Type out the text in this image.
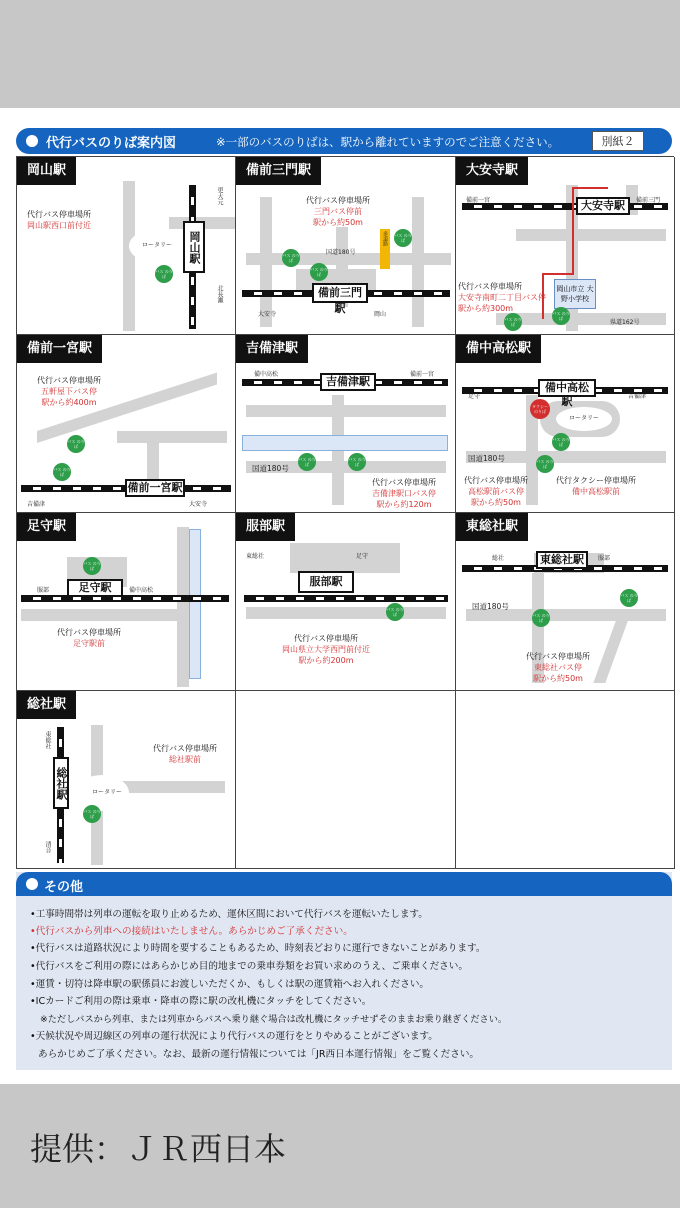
代行バスのりば案内図	※一部のバスのりばは、駅から離れていますのでご注意ください。	別紙２
岡山駅
ロータリー	岡山駅
バス のりば
代行バス停車場所
岡山駅西口前付近
更大元
北長瀬
備前三門駅
備前三門駅
多道路
バス のりば
バス のりば
バス のりば
代行バス停車場所
三門バス停前
駅から約50m
国道180号
大安寺	岡山
大安寺駅
大安寺駅
岡山市立 大野小学校
バス のりば
バス のりば
代行バス停車場所
大安寺南町二丁目バス停
駅から約300m
備前一宮	備前三門
県道162号
備前一宮駅
備前一宮駅
バス のりば
バス のりば
代行バス停車場所
五軒屋下バス停
駅から約400m
吉備津	大安寺
吉備津駅
吉備津駅
バス のりば
バス のりば
国道180号
代行バス停車場所
吉備津駅口バス停
駅から約120m
備中高松	備前一宮
備中高松駅
ロータリー
備中高松駅
タクシー のりば
バス のりば
バス のりば
国道180号
代行バス停車場所
高松駅前バス停
駅から約50m
代行タクシー停車場所
備中高松駅前
足守	吉備津
足守駅
足守駅
バス のりば
代行バス停車場所
足守駅前
服部	備中高松
服部駅
服部駅
バス のりば
代行バス停車場所
岡山県立大学西門前付近
駅から約200m
東総社	足守
東総社駅
東総社駅
バス のりば
バス のりば
国道180号
代行バス停車場所
東総社バス停
駅から約50m
総社	服部
総社駅
ロータリー
総社駅
バス のりば
代行バス停車場所
総社駅前
東総社
清音
その他
•工事時間帯は列車の運転を取り止めるため、運休区間において代行バスを運転いたします。
•代行バスから列車への接続はいたしません。あらかじめご了承ください。
•代行バスは道路状況により時間を要することもあるため、時刻表どおりに運行できないことがあります。
•代行バスをご利用の際にはあらかじめ目的地までの乗車券類をお買い求めのうえ、ご乗車ください。
•運賃・切符は降車駅の駅係員にお渡しいただくか、もしくは駅の運賃箱へお入れください。
•ICカードご利用の際は乗車・降車の際に駅の改札機にタッチをしてください。
※ただしバスから列車、または列車からバスへ乗り継ぐ場合は改札機にタッチせずそのままお乗り継ぎください。
•天候状況や周辺線区の列車の運行状況により代行バスの運行をとりやめることがございます。
あらかじめご了承ください。なお、最新の運行情報については「JR西日本運行情報」をご覧ください。
提供：ＪＲ西日本
